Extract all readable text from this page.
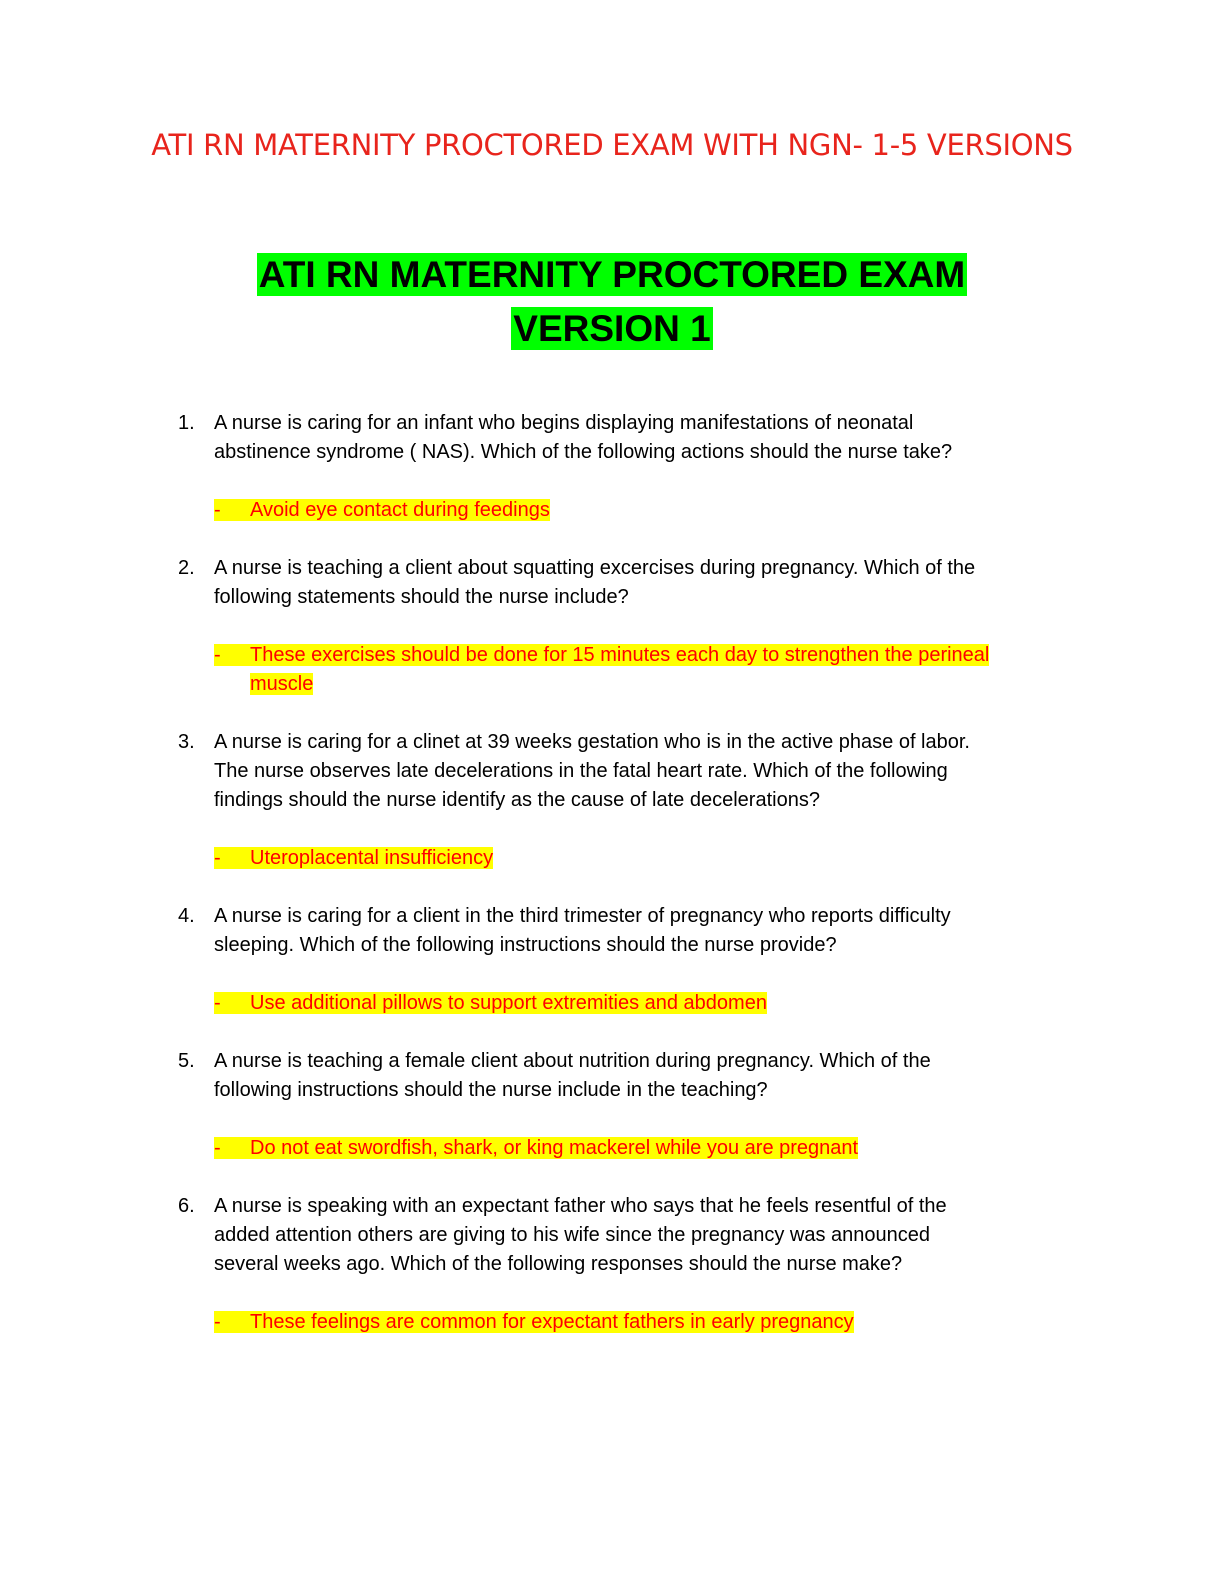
ATI RN MATERNITY PROCTORED EXAM WITH NGN- 1-5 VERSIONS
ATI RN MATERNITY PROCTORED EXAM
VERSION 1
1. A nurse is caring for an infant who begins displaying manifestations of neonatal
abstinence syndrome ( NAS). Which of the following actions should the nurse take?
- Avoid eye contact during feedings
2. A nurse is teaching a client about squatting excercises during pregnancy. Which of the
following statements should the nurse include?
- These exercises should be done for 15 minutes each day to strengthen the perineal
muscle
3. A nurse is caring for a clinet at 39 weeks gestation who is in the active phase of labor.
The nurse observes late decelerations in the fatal heart rate. Which of the following
findings should the nurse identify as the cause of late decelerations?
- Uteroplacental insufficiency
4. A nurse is caring for a client in the third trimester of pregnancy who reports difficulty
sleeping. Which of the following instructions should the nurse provide?
- Use additional pillows to support extremities and abdomen
5. A nurse is teaching a female client about nutrition during pregnancy. Which of the
following instructions should the nurse include in the teaching?
- Do not eat swordfish, shark, or king mackerel while you are pregnant
6. A nurse is speaking with an expectant father who says that he feels resentful of the
added attention others are giving to his wife since the pregnancy was announced
several weeks ago. Which of the following responses should the nurse make?
- These feelings are common for expectant fathers in early pregnancy
